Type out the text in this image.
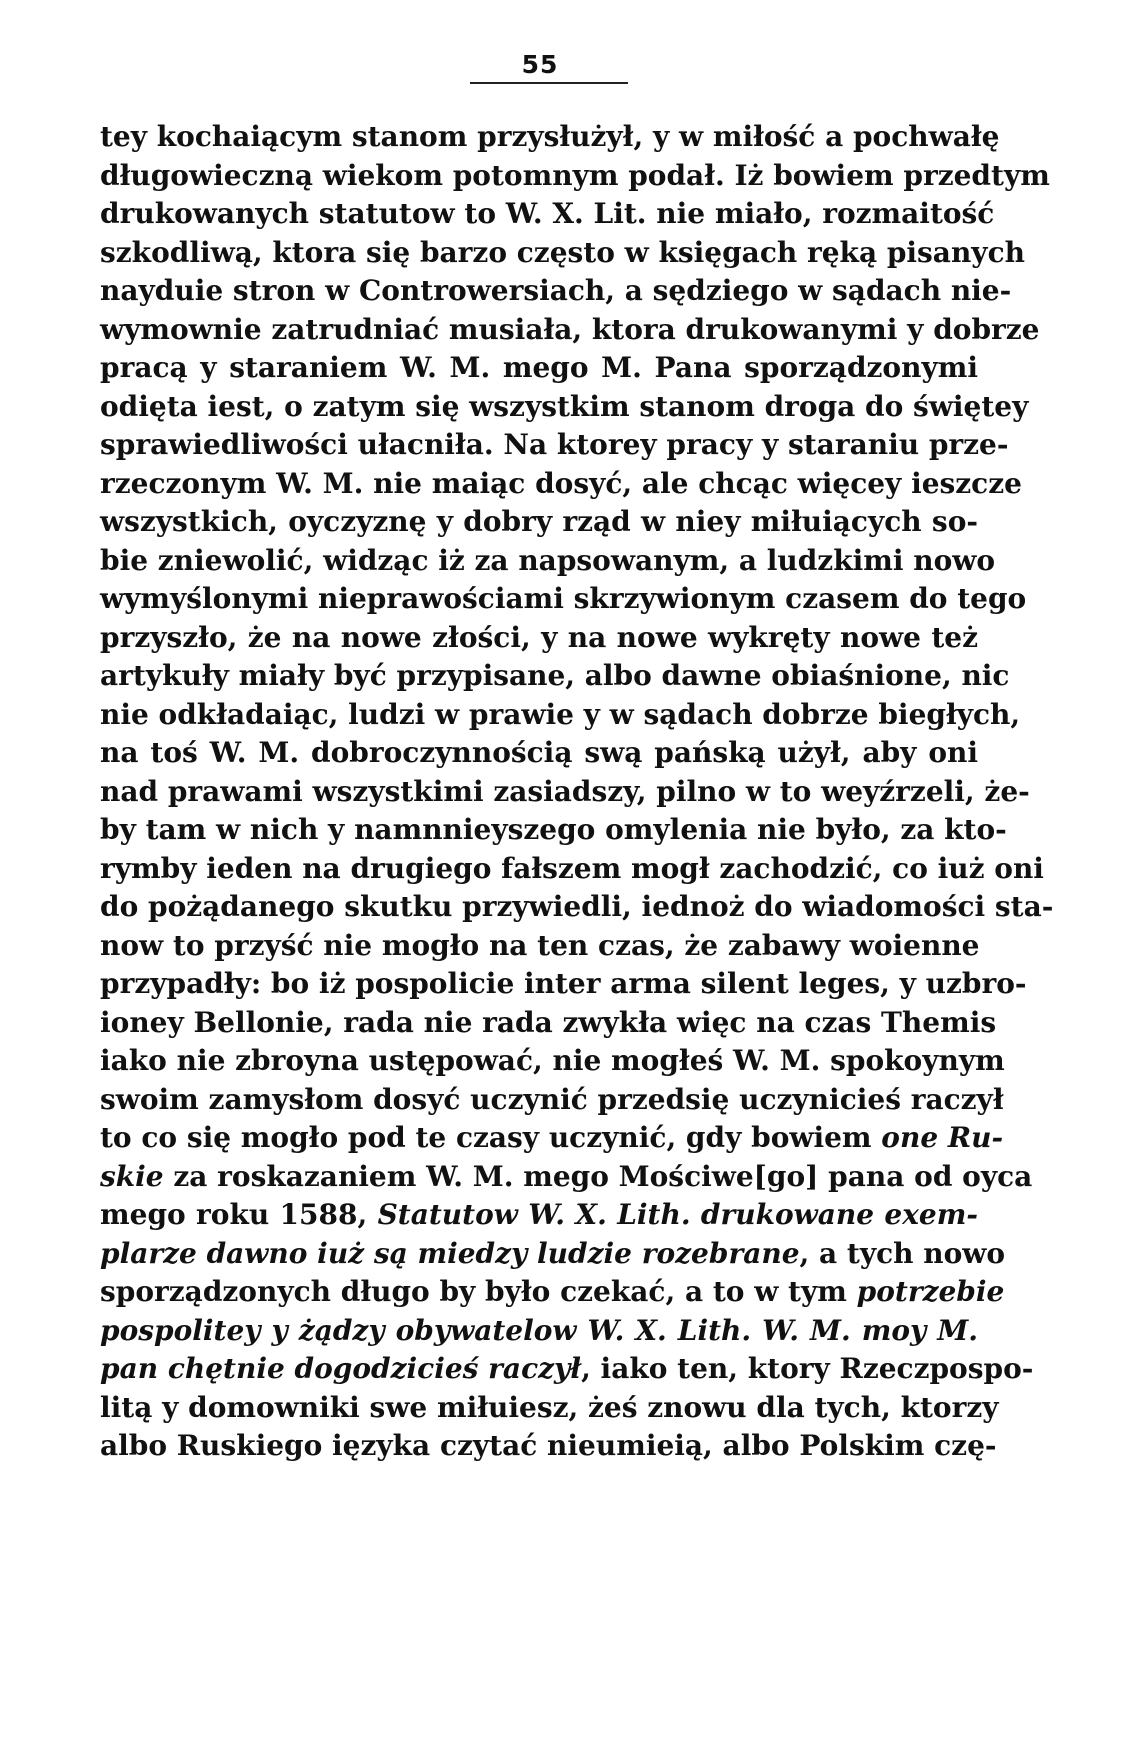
55
tey kochaiącym stanom przysłużył, y w miłość a pochwałę
długowieczną wiekom potomnym podał. Iż bowiem przedtym
drukowanych statutow to W. X. Lit. nie miało, rozmaitość
szkodliwą, ktora się barzo często w księgach ręką pisanych
nayduie stron w Controwersiach, a sędziego w sądach nie-
wymownie zatrudniać musiała, ktora drukowanymi y dobrze
pracą y staraniem W. M. mego M. Pana sporządzonymi
odięta iest, o zatym się wszystkim stanom droga do świętey
sprawiedliwości ułacniła. Na ktorey pracy y staraniu prze-
rzeczonym W. M. nie maiąc dosyć, ale chcąc więcey ieszcze
wszystkich, oyczyznę y dobry rząd w niey miłuiących so-
bie zniewolić, widząc iż za napsowanym, a ludzkimi nowo
wymyślonymi nieprawościami skrzywionym czasem do tego
przyszło, że na nowe złości, y na nowe wykręty nowe też
artykuły miały być przypisane, albo dawne obiaśnione, nic
nie odkładaiąc, ludzi w prawie y w sądach dobrze biegłych,
na toś W. M. dobroczynnością swą pańską użył, aby oni
nad prawami wszystkimi zasiadszy, pilno w to weyźrzeli, że-
by tam w nich y namnnieyszego omylenia nie było, za kto-
rymby ieden na drugiego fałszem mogł zachodzić, co iuż oni
do pożądanego skutku przywiedli, iednoż do wiadomości sta-
now to przyść nie mogło na ten czas, że zabawy woienne
przypadły: bo iż pospolicie inter arma silent leges, y uzbro-
ioney Bellonie, rada nie rada zwykła więc na czas Themis
iako nie zbroyna ustępować, nie mogłeś W. M. spokoynym
swoim zamysłom dosyć uczynić przedsię uczyniciеś raczył
to co się mogło pod te czasy uczynić, gdy bowiem one Ru-
skie za roskazaniem W. M. mego Mościwe[go] pana od oyca
mego roku 1588, Statutow W. X. Lith. drukowane exem-
plarze dawno iuż są miedzy ludzie rozebrane, a tych nowo
sporządzonych długo by było czekać, a to w tym potrzebie
pospolitey y żądzy obywatelow W. X. Lith. W. M. moy M.
pan chętnie dogodziciеś raczył, iako ten, ktory Rzeczpospo-
litą y domowniki swe miłuiesz, żeś znowu dla tych, ktorzy
albo Ruskiego ięzyka czytać nieumieią, albo Polskim czę-
